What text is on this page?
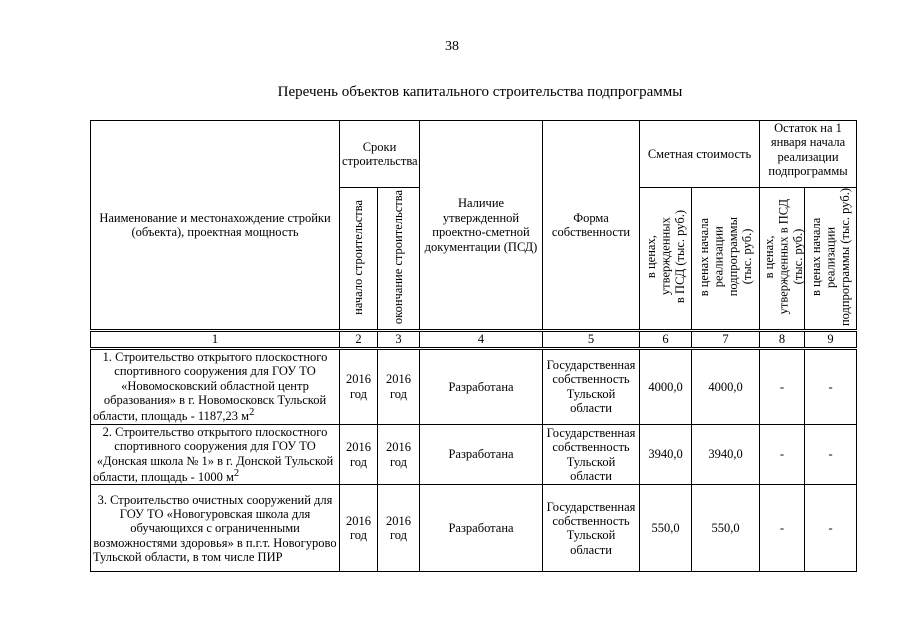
38
Перечень объектов капитального строительства подпрограммы
Наименование и местонахождение стройки (объекта), проектная мощность	Сроки строительства		Наличие утвержденной проектно-сметной документации (ПСД)	Форма собственности	Сметная стоимость		Остаток на 1 января начала реализации подпрограммы	
	начало строительства	окончание строительства			в ценах,
утвержденных
в ПСД (тыс. руб.)	в ценах начала
реализации
подпрограммы
(тыс. руб.)	в ценах,
утвержденных в ПСД
(тыс. руб.)	в ценах начала
реализации
подпрограммы (тыс. руб.)
1	2	3	4	5	6	7	8	9
1. Строительство открытого плоскостного спортивного сооружения для ГОУ ТО «Новомосковский областной центр образования» в г. Новомосковск Тульской области, площадь - 1187,23 $м^2$	2016
год	2016
год	Разработана	Государственная собственность Тульской области	4000,0	4000,0	-	-
2. Строительство открытого плоскостного спортивного сооружения для ГОУ ТО «Донская школа № 1» в г. Донской Тульской области, площадь - 1000 $м^2$	2016
год	2016
год	Разработана	Государственная собственность Тульской области	3940,0	3940,0	-	-
3. Строительство очистных сооружений для ГОУ ТО «Новогуровская школа для обучающихся с ограниченными возможностями здоровья» в п.г.т. Новогурово Тульской области, в том числе ПИР	2016
год	2016
год	Разработана	Государственная собственность Тульской области	550,0	550,0	-	-
